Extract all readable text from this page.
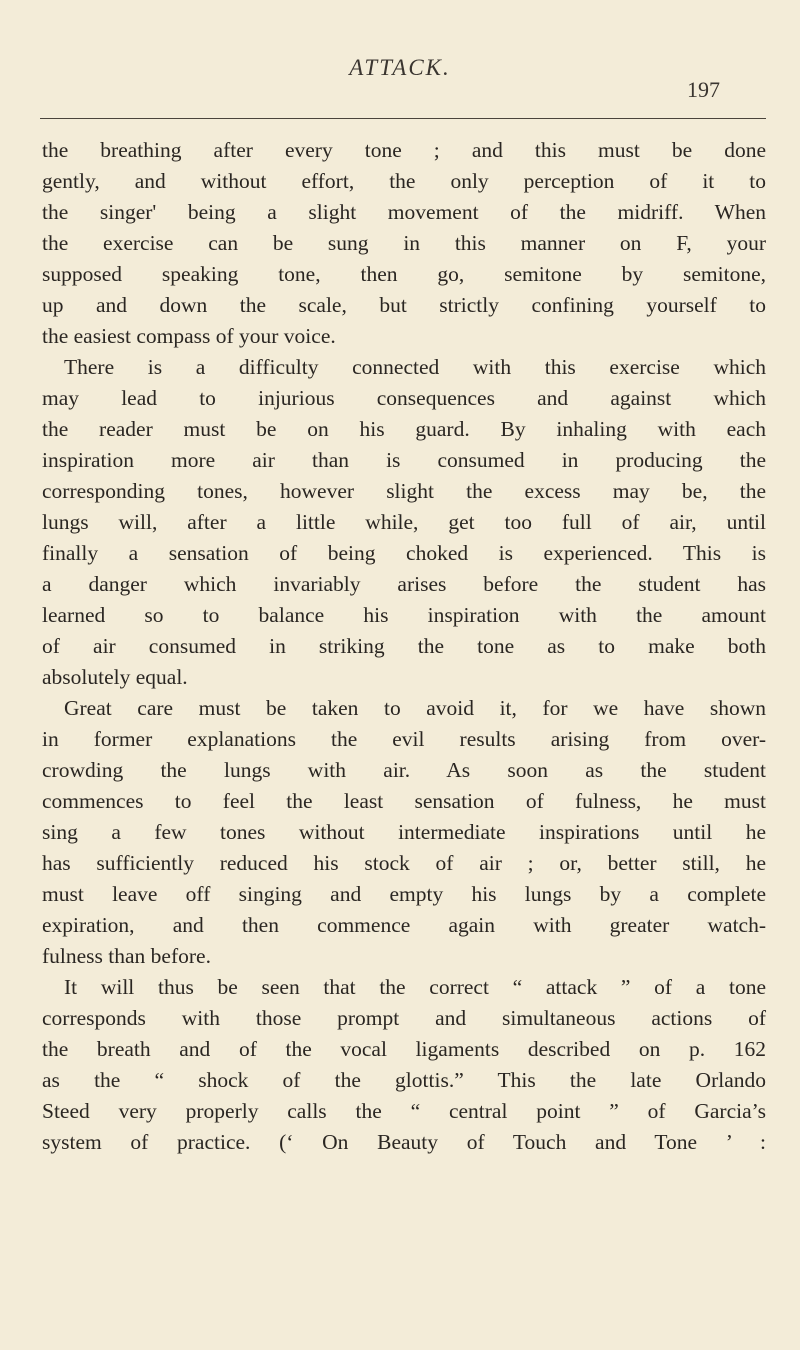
ATTACK.
197
the breathing after every tone ; and this must be done
gently, and without effort, the only perception of it to
the singer' being a slight movement of the midriff. When
the exercise can be sung in this manner on F, your
supposed speaking tone, then go, semitone by semitone,
up and down the scale, but strictly confining yourself to
the easiest compass of your voice.
There is a difficulty connected with this exercise which
may lead to injurious consequences and against which
the reader must be on his guard. By inhaling with each
inspiration more air than is consumed in producing the
corresponding tones, however slight the excess may be, the
lungs will, after a little while, get too full of air, until
finally a sensation of being choked is experienced. This is
a danger which invariably arises before the student has
learned so to balance his inspiration with the amount
of air consumed in striking the tone as to make both
absolutely equal.
Great care must be taken to avoid it, for we have shown
in former explanations the evil results arising from over-
crowding the lungs with air. As soon as the student
commences to feel the least sensation of fulness, he must
sing a few tones without intermediate inspirations until he
has sufficiently reduced his stock of air ; or, better still, he
must leave off singing and empty his lungs by a complete
expiration, and then commence again with greater watch-
fulness than before.
It will thus be seen that the correct “ attack ” of a tone
corresponds with those prompt and simultaneous actions of
the breath and of the vocal ligaments described on p. 162
as the “ shock of the glottis.” This the late Orlando
Steed very properly calls the “ central point ” of Garcia’s
system of practice. (‘ On Beauty of Touch and Tone ’ :
